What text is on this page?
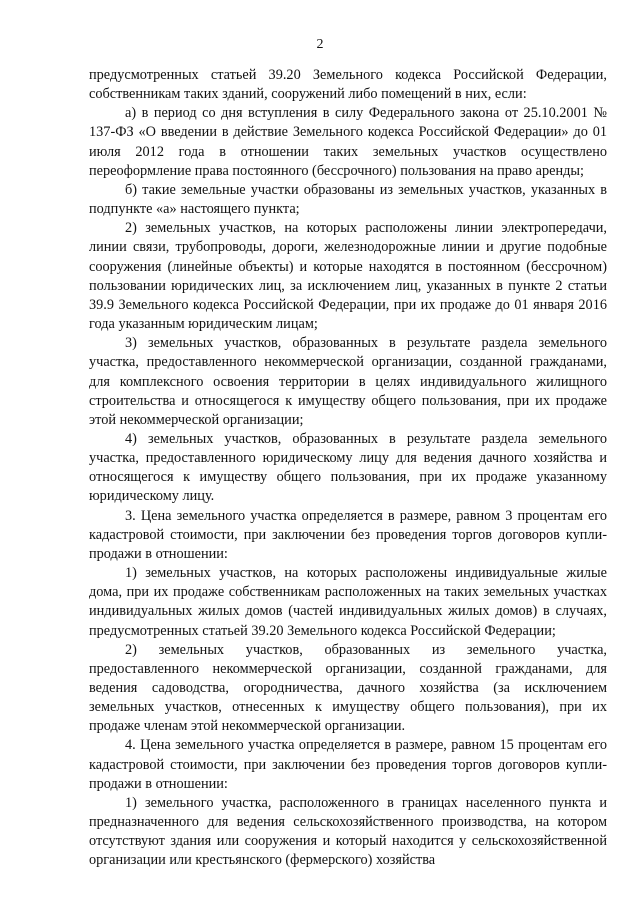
2

предусмотренных статьей 39.20 Земельного кодекса Российской Федерации, собственникам таких зданий, сооружений либо помещений в них, если:

а) в период со дня вступления в силу Федерального закона от 25.10.2001 № 137-ФЗ «О введении в действие Земельного кодекса Российской Федерации» до 01 июля 2012 года в отношении таких земельных участков осуществлено переоформление права постоянного (бессрочного) пользования на право аренды;

б) такие земельные участки образованы из земельных участков, указанных в подпункте «а» настоящего пункта;

2) земельных участков, на которых расположены линии электропередачи, линии связи, трубопроводы, дороги, железнодорожные линии и другие подобные сооружения (линейные объекты) и которые находятся в постоянном (бессрочном) пользовании юридических лиц, за исключением лиц, указанных в пункте 2 статьи 39.9 Земельного кодекса Российской Федерации, при их продаже до 01 января 2016 года указанным юридическим лицам;

3) земельных участков, образованных в результате раздела земельного участка, предоставленного некоммерческой организации, созданной гражданами, для комплексного освоения территории в целях индивидуального жилищного строительства и относящегося к имуществу общего пользования, при их продаже этой некоммерческой организации;

4) земельных участков, образованных в результате раздела земельного участка, предоставленного юридическому лицу для ведения дачного хозяйства и относящегося к имуществу общего пользования, при их продаже указанному юридическому лицу.

3. Цена земельного участка определяется в размере, равном 3 процентам его кадастровой стоимости, при заключении без проведения торгов договоров купли-продажи в отношении:

1) земельных участков, на которых расположены индивидуальные жилые дома, при их продаже собственникам расположенных на таких земельных участках индивидуальных жилых домов (частей индивидуальных жилых домов) в случаях, предусмотренных статьей 39.20 Земельного кодекса Российской Федерации;

2) земельных участков, образованных из земельного участка, предоставленного некоммерческой организации, созданной гражданами, для ведения садоводства, огородничества, дачного хозяйства (за исключением земельных участков, отнесенных к имуществу общего пользования), при их продаже членам этой некоммерческой организации.

4. Цена земельного участка определяется в размере, равном 15 процентам его кадастровой стоимости, при заключении без проведения торгов договоров купли-продажи в отношении:

1) земельного участка, расположенного в границах населенного пункта и предназначенного для ведения сельскохозяйственного производства, на котором отсутствуют здания или сооружения и который находится у сельскохозяйственной организации или крестьянского (фермерского) хозяйства
